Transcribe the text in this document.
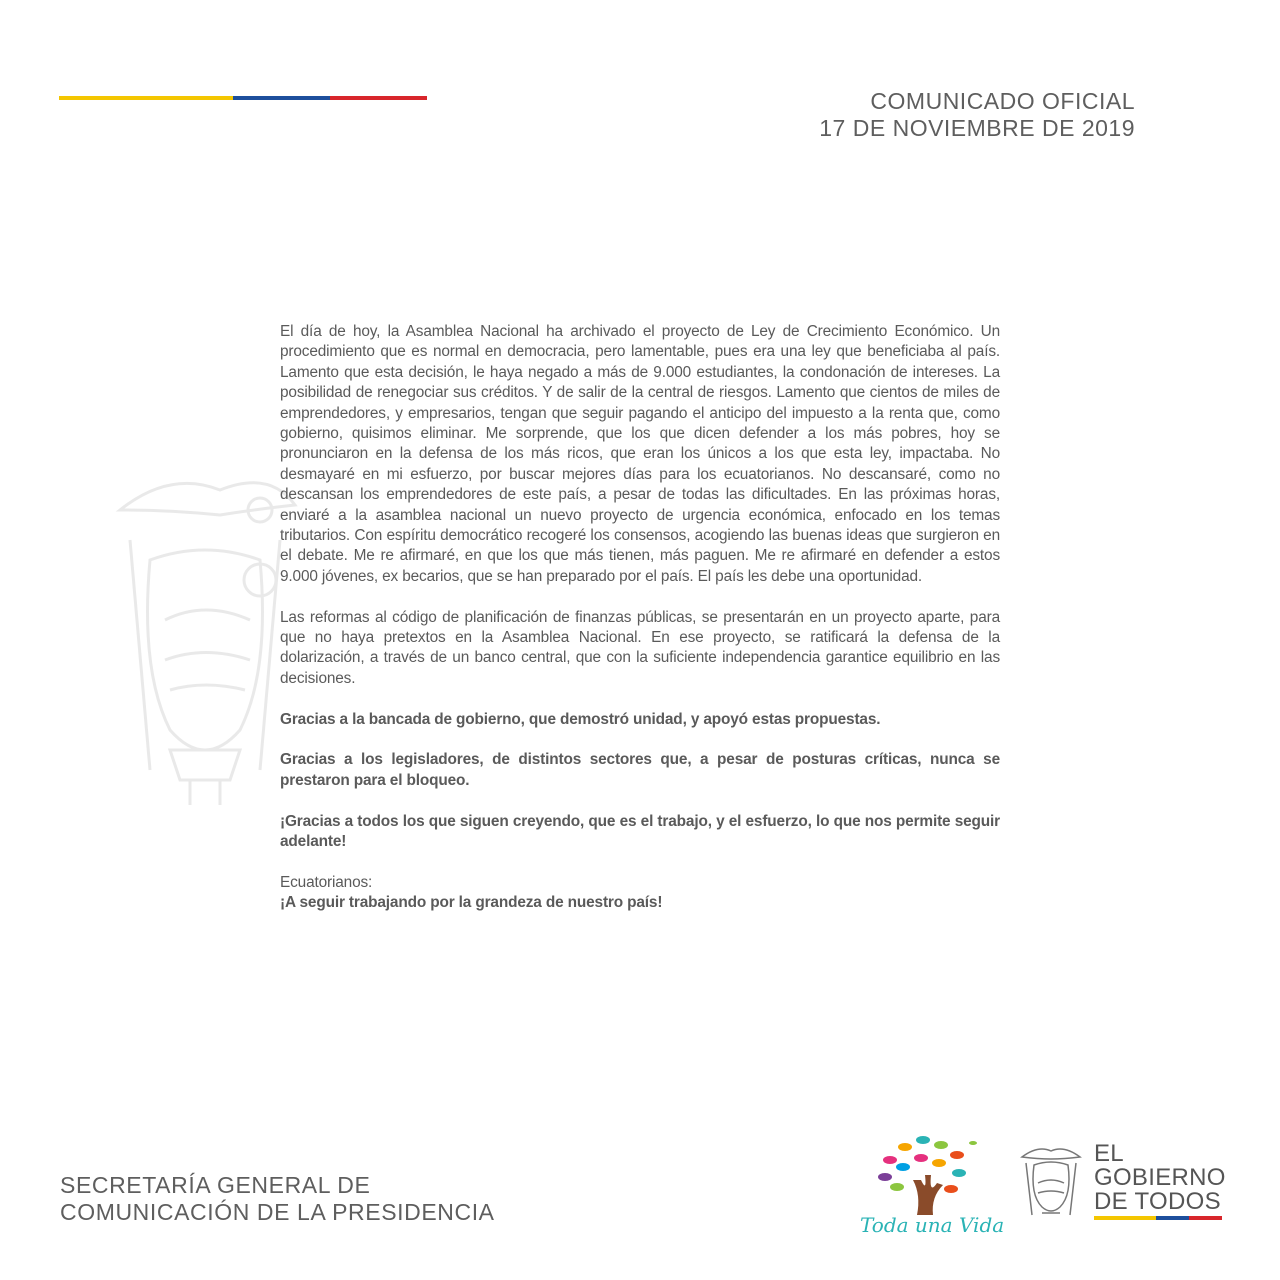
COMUNICADO OFICIAL
17 DE NOVIEMBRE DE 2019

El día de hoy, la Asamblea Nacional ha archivado el proyecto de Ley de Crecimiento Económico. Un procedimiento que es normal en democracia, pero lamentable, pues era una ley que beneficiaba al país. Lamento que esta decisión, le haya negado a más de 9.000 estudiantes, la condonación de intereses. La posibilidad de renegociar sus créditos. Y de salir de la central de riesgos. Lamento que cientos de miles de emprendedores, y empresarios, tengan que seguir pagando el anticipo del impuesto a la renta que, como gobierno, quisimos eliminar. Me sorprende, que los que dicen defender a los más pobres, hoy se pronunciaron en la defensa de los más ricos, que eran los únicos a los que esta ley, impactaba. No desmayaré en mi esfuerzo, por buscar mejores días para los ecuatorianos. No descansaré, como no descansan los emprendedores de este país, a pesar de todas las dificultades. En las próximas horas, enviaré a la asamblea nacional un nuevo proyecto de urgencia económica, enfocado en los temas tributarios. Con espíritu democrático recogeré los consensos, acogiendo las buenas ideas que surgieron en el debate. Me re afirmaré, en que los que más tienen, más paguen. Me re afirmaré en defender a estos 9.000 jóvenes, ex becarios, que se han preparado por el país. El país les debe una oportunidad.

Las reformas al código de planificación de finanzas públicas, se presentarán en un proyecto aparte, para que no haya pretextos en la Asamblea Nacional. En ese proyecto, se ratificará la defensa de la dolarización, a través de un banco central, que con la suficiente independencia garantice equilibrio en las decisiones.

Gracias a la bancada de gobierno, que demostró unidad, y apoyó estas propuestas.

Gracias a los legisladores, de distintos sectores que, a pesar de posturas críticas, nunca se prestaron para el bloqueo.

¡Gracias a todos los que siguen creyendo, que es el trabajo, y el esfuerzo, lo que nos permite seguir adelante!

Ecuatorianos:
¡A seguir trabajando por la grandeza de nuestro país!
SECRETARÍA GENERAL DE
COMUNICACIÓN DE LA PRESIDENCIA	Toda una Vida
EL
GOBIERNO
DE TODOS
